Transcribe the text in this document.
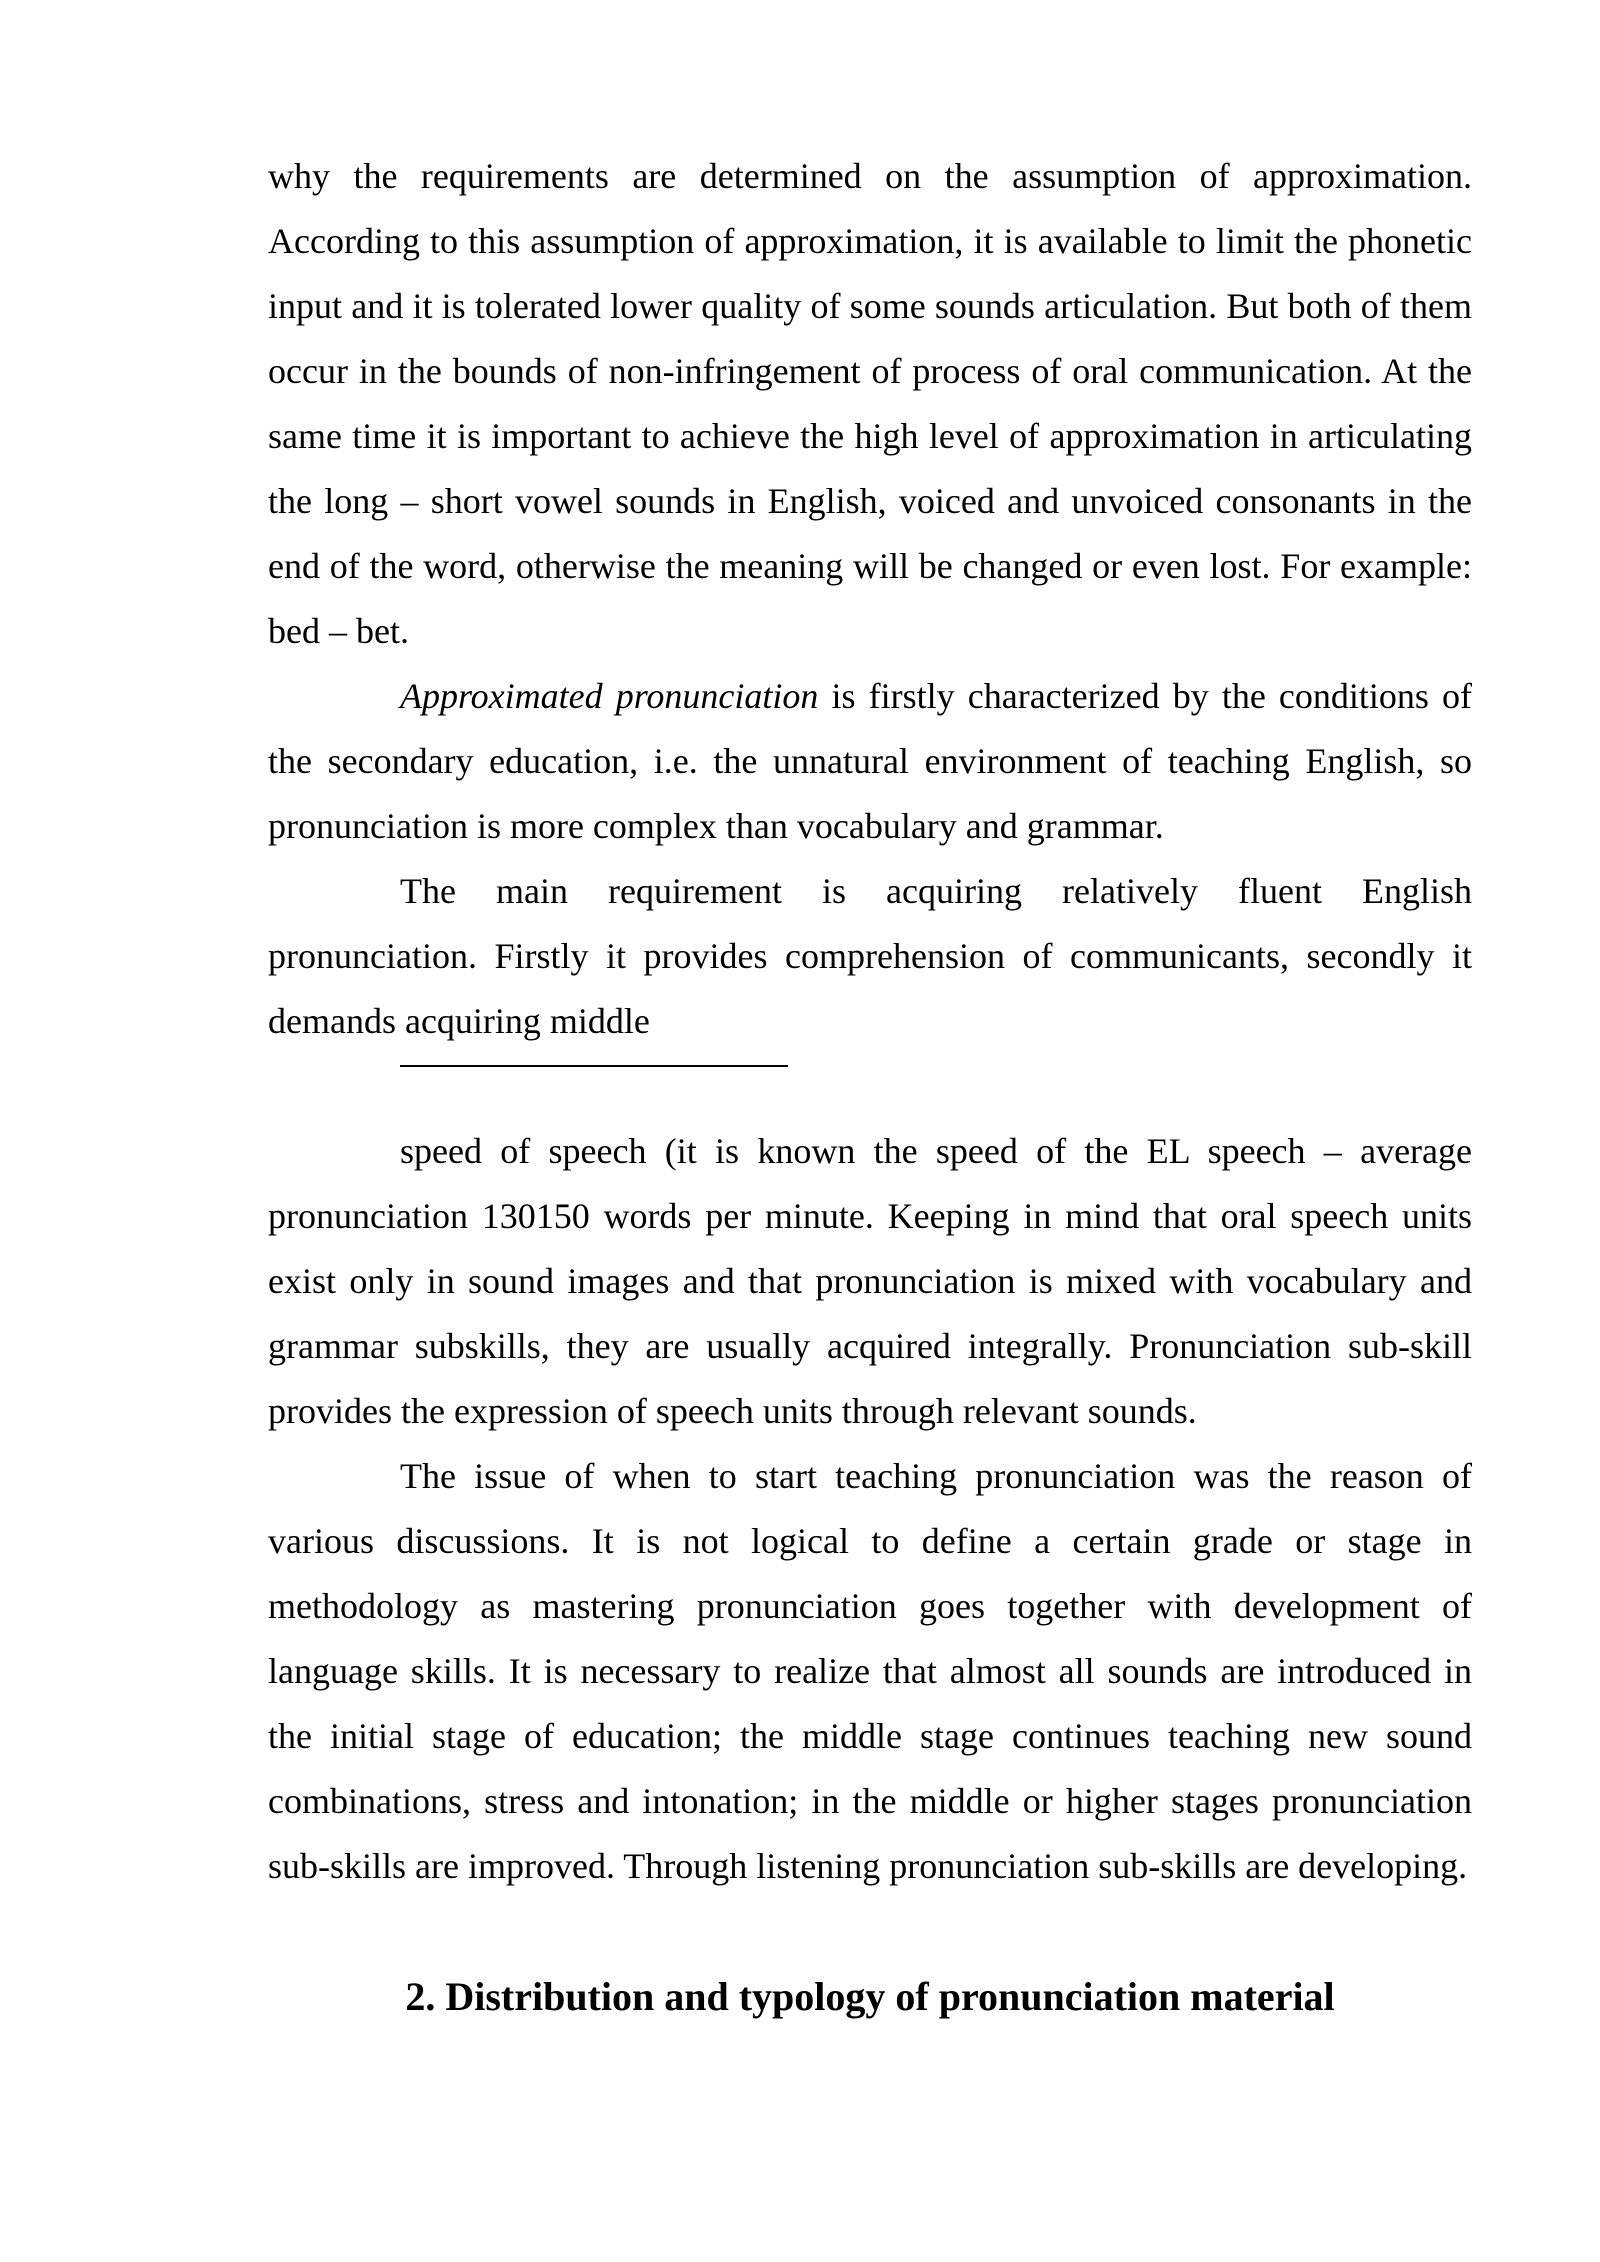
why the requirements are determined on the assumption of approximation. According to this assumption of approximation, it is available to limit the phonetic input and it is tolerated lower quality of some sounds articulation. But both of them occur in the bounds of non-infringement of process of oral communication. At the same time it is important to achieve the high level of approximation in articulating the long – short vowel sounds in English, voiced and unvoiced consonants in the end of the word, otherwise the meaning will be changed or even lost. For example: bed – bet.

Approximated pronunciation is firstly characterized by the conditions of the secondary education, i.e. the unnatural environment of teaching English, so pronunciation is more complex than vocabulary and grammar.

The main requirement is acquiring relatively fluent English pronunciation. Firstly it provides comprehension of communicants, secondly it demands acquiring middle

speed of speech (it is known the speed of the EL speech – average pronunciation 130150 words per minute. Keeping in mind that oral speech units exist only in sound images and that pronunciation is mixed with vocabulary and grammar subskills, they are usually acquired integrally. Pronunciation sub-skill provides the expression of speech units through relevant sounds.

The issue of when to start teaching pronunciation was the reason of various discussions. It is not logical to define a certain grade or stage in methodology as mastering pronunciation goes together with development of language skills. It is necessary to realize that almost all sounds are introduced in the initial stage of education; the middle stage continues teaching new sound combinations, stress and intonation; in the middle or higher stages pronunciation sub-skills are improved. Through listening pronunciation sub-skills are developing.

2. Distribution and typology of pronunciation material
